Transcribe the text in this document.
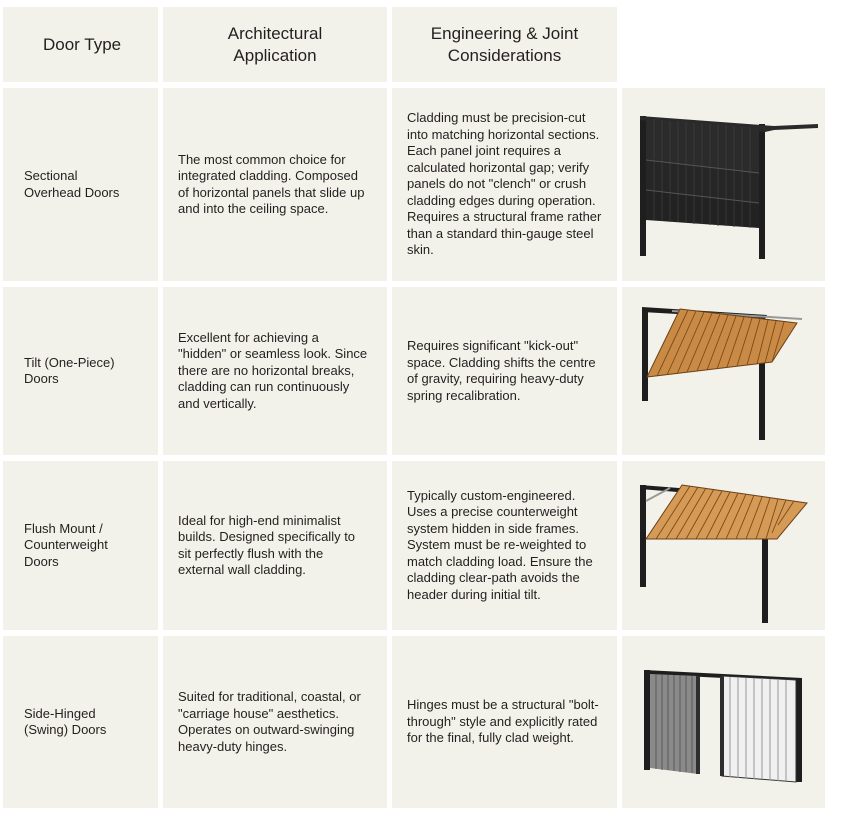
Door Type
Architectural
Application
Engineering & Joint
Considerations
Sectional Overhead Doors
The most common choice for integrated cladding. Composed of horizontal panels that slide up and into the ceiling space.
Cladding must be precision-cut into matching horizontal sections. Each panel joint requires a calculated horizontal gap; verify panels do not "clench" or crush cladding edges during operation. Requires a structural frame rather than a standard thin-gauge steel skin.
Tilt (One-Piece) Doors
Excellent for achieving a "hidden" or seamless look. Since there are no horizontal breaks, cladding can run continuously and vertically.
Requires significant "kick-out" space. Cladding shifts the centre of gravity, requiring heavy-duty spring recalibration.
Flush Mount / Counterweight Doors
Ideal for high-end minimalist builds. Designed specifically to sit perfectly flush with the external wall cladding.
Typically custom-engineered. Uses a precise counterweight system hidden in side frames. System must be re-weighted to match cladding load. Ensure the cladding clear-path avoids the header during initial tilt.
Side-Hinged (Swing) Doors
Suited for traditional, coastal, or "carriage house" aesthetics. Operates on outward-swinging heavy-duty hinges.
Hinges must be a structural "bolt-through" style and explicitly rated for the final, fully clad weight.
